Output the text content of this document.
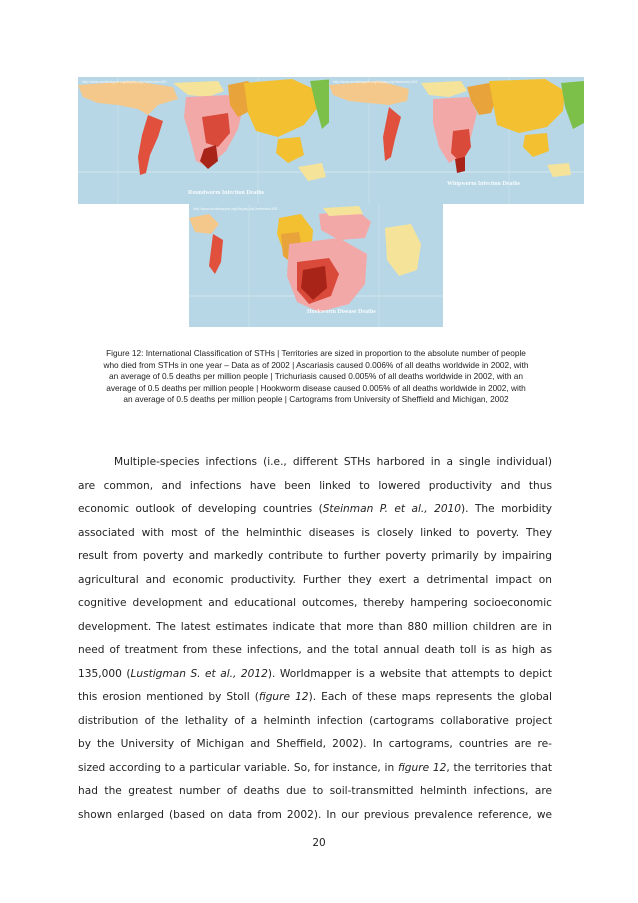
Roundworm Infection Deaths
http://www.worldmapper.org/display.php?selected=400
Whipworm Infection Deaths
http://www.worldmapper.org/display.php?selected=401
Hookworm Disease Deaths
http://www.worldmapper.org/display.php?selected=402
Figure 12: International Classification of STHs | Territories are sized in proportion to the absolute number of people
who died from STHs in one year – Data as of 2002 | Ascariasis caused 0.006% of all deaths worldwide in 2002, with
an average of 0.5 deaths per million people | Trichuriasis caused 0.005% of all deaths worldwide in 2002, with an
average of 0.5 deaths per million people | Hookworm disease caused 0.005% of all deaths worldwide in 2002, with
an average of 0.5 deaths per million people | Cartograms from University of Sheffield and Michigan, 2002
Multiple-species infections (i.e., different STHs harbored in a single individual)
are common, and infections have been linked to lowered productivity and thus
economic outlook of developing countries (Steinman P. et al., 2010). The morbidity
associated with most of the helminthic diseases is closely linked to poverty. They
result from poverty and markedly contribute to further poverty primarily by impairing
agricultural and economic productivity. Further they exert a detrimental impact on
cognitive development and educational outcomes, thereby hampering socioeconomic
development. The latest estimates indicate that more than 880 million children are in
need of treatment from these infections, and the total annual death toll is as high as
135,000 (Lustigman S. et al., 2012). Worldmapper is a website that attempts to depict
this erosion mentioned by Stoll (figure 12). Each of these maps represents the global
distribution of the lethality of a helminth infection (cartograms collaborative project
by the University of Michigan and Sheffield, 2002). In cartograms, countries are re-
sized according to a particular variable. So, for instance, in figure 12, the territories that
had the greatest number of deaths due to soil-transmitted helminth infections, are
shown enlarged (based on data from 2002). In our previous prevalence reference, we
20
